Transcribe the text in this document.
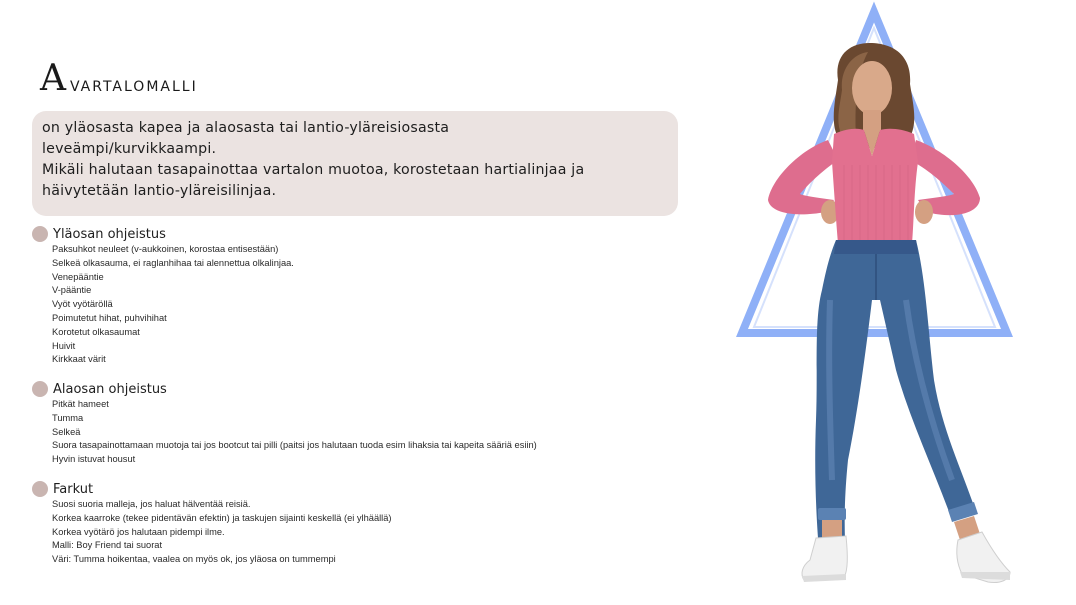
A VARTALOMALLI

on yläosasta kapea ja alaosasta tai lantio-yläreisiosasta

leveämpi/kurvikkaampi.

Mikäli halutaan tasapainottaa vartalon muotoa, korostetaan hartialinjaa ja

häivytetään lantio-yläreisilinjaa.

Yläosan ohjeistus
Paksuhkot neuleet (v-aukkoinen, korostaa entisestään)
Selkeä olkasauma, ei raglanhihaa tai alennettua olkalinjaa.
Venepääntie
V-pääntie
Vyöt vyötäröllä
Poimutetut hihat, puhvihihat
Korotetut olkasaumat
Huivit
Kirkkaat värit
Alaosan ohjeistus
Pitkät hameet
Tumma
Selkeä
Suora tasapainottamaan muotoja tai jos bootcut tai pilli (paitsi jos halutaan tuoda esim lihaksia tai kapeita sääriä esiin)
Hyvin istuvat housut
Farkut
Suosi suoria malleja, jos haluat hälventää reisiä.
Korkea kaarroke (tekee pidentävän efektin) ja taskujen sijainti keskellä (ei ylhäällä)
Korkea vyötärö jos halutaan pidempi ilme.
Malli: Boy Friend tai suorat
Väri: Tumma hoikentaa, vaalea on myös ok, jos yläosa on tummempi
